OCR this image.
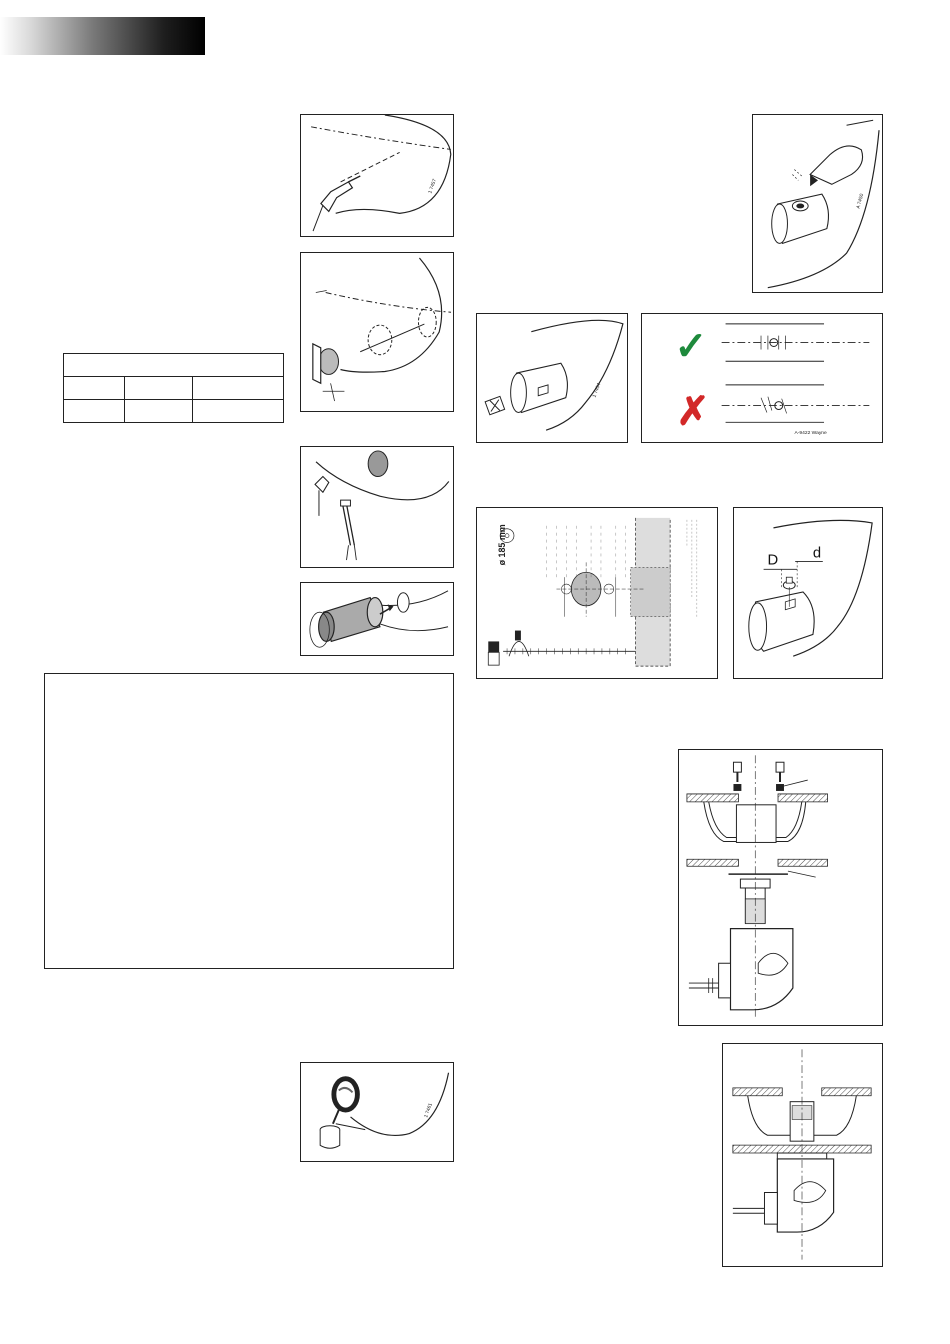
1 7457

1 7461
A 7450
1 7454
✓
✗
A-9422 Wayne
ø 185 mm	D d
